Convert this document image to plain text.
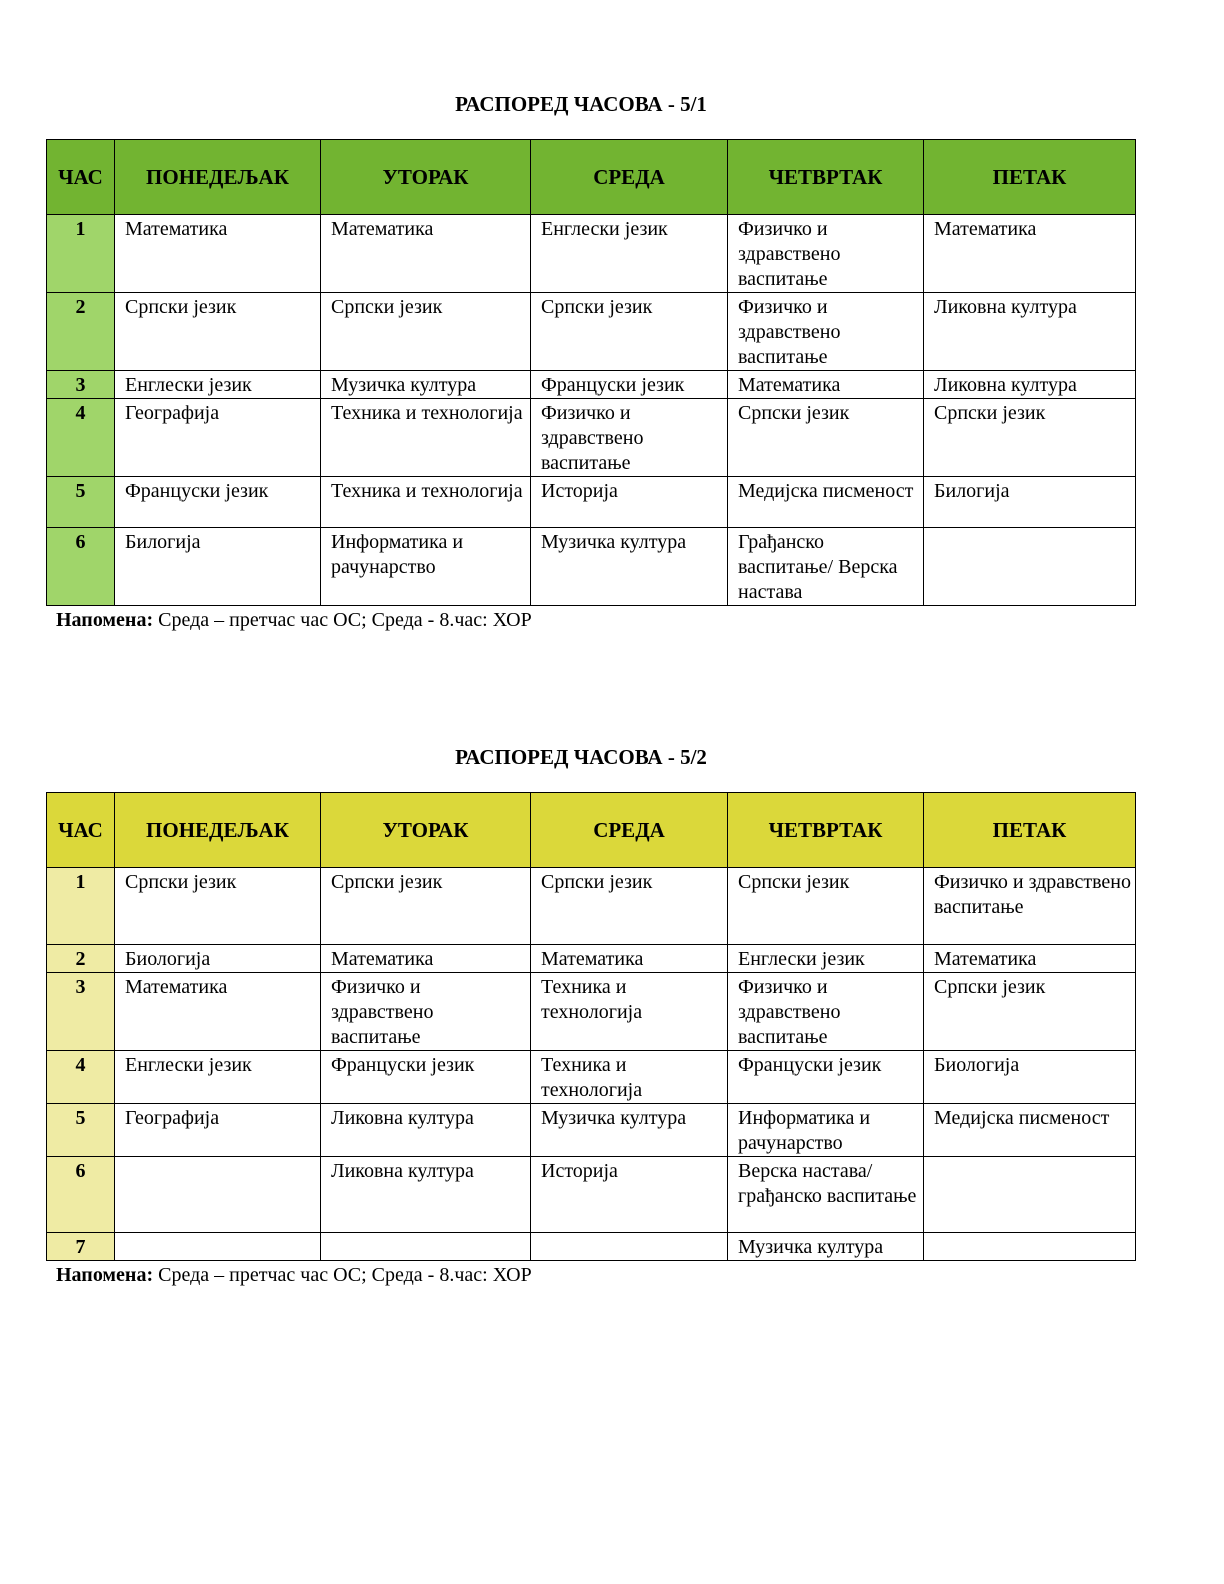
РАСПОРЕД ЧАСОВА - 5/1
ЧАС	ПОНЕДЕЉАК	УТОРАК	СРЕДА	ЧЕТВРТАК	ПЕТАК
1	Математика	Математика	Енглески језик	Физичко и здравствено васпитање	Математика
2	Српски језик	Српски језик	Српски језик	Физичко и здравствено васпитање	Ликовна култура
3	Енглески језик	Музичка култура	Француски језик	Математика	Ликовна култура
4	Географија	Техника и технологија	Физичко и здравствено васпитање	Српски језик	Српски језик
5	Француски језик	Техника и технологија	Историја	Медијска писменост	Билогија
6	Билогија	Информатика и рачунарство	Музичка култура	Грађанско васпитање/ Верска настава	

Напомена: Среда – претчас час ОС; Среда - 8.час: ХОР

РАСПОРЕД ЧАСОВА - 5/2
ЧАС	ПОНЕДЕЉАК	УТОРАК	СРЕДА	ЧЕТВРТАК	ПЕТАК
1	Српски језик	Српски језик	Српски језик	Српски језик	Физичко и здравствено васпитање
2	Биологија	Математика	Математика	Енглески језик	Математика
3	Математика	Физичко и здравствено васпитање	Техника и технологија	Физичко и здравствено васпитање	Српски језик
4	Енглески језик	Француски језик	Техника и технологија	Француски језик	Биологија
5	Географија	Ликовна култура	Музичка култура	Информатика и рачунарство	Медијска писменост
6		Ликовна култура	Историја	Верска настава/грађанско васпитање	
7				Музичка култура	

Напомена: Среда – претчас час ОС; Среда - 8.час: ХОР
